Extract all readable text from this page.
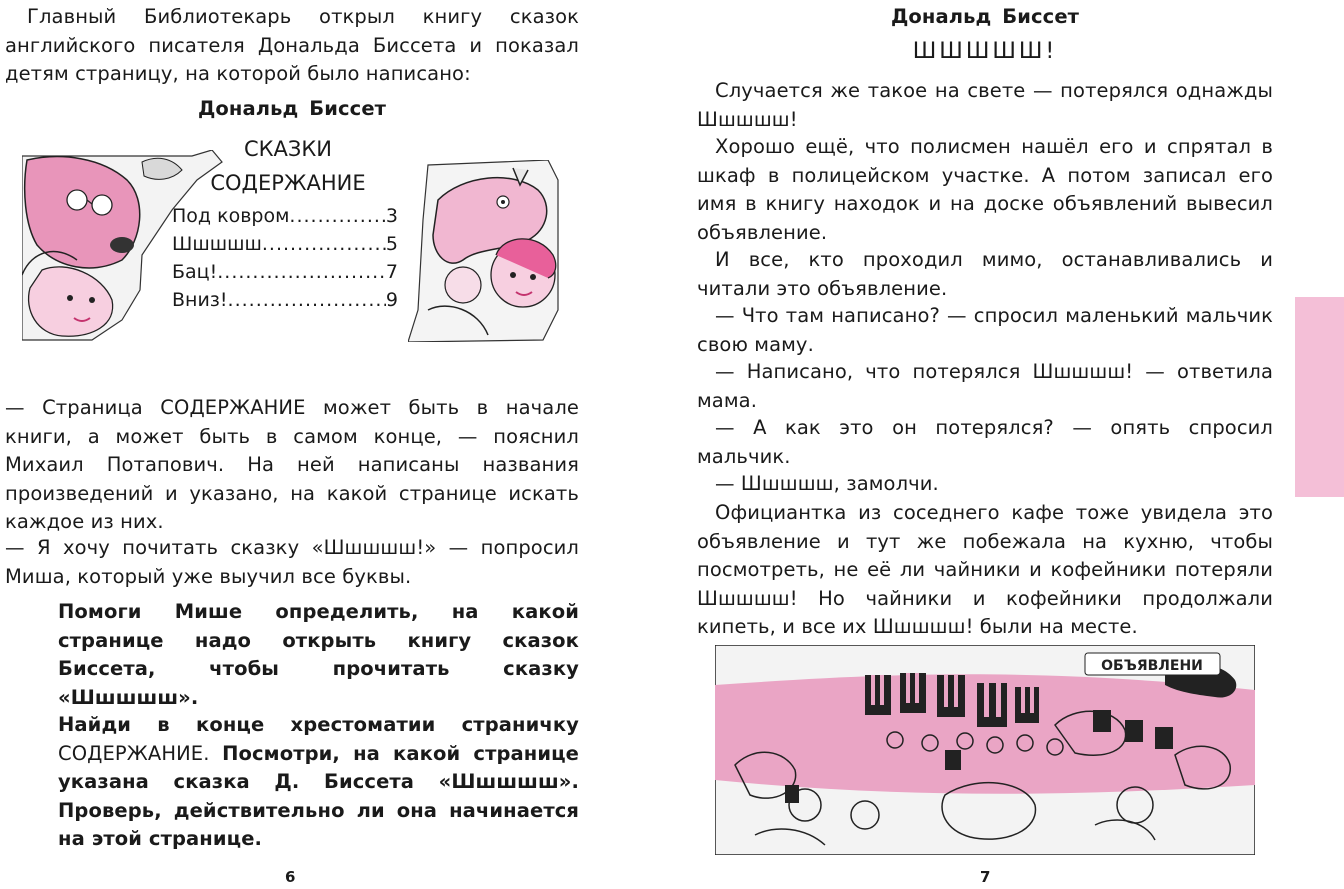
Главный Библиотекарь открыл книгу сказок английского писателя Дональда Биссета и показал детям страницу, на которой было написано:

Дональд Биссет

СКАЗКИ
СОДЕРЖАНИЕ
Под ковром .....	3
Шшшшш .....	5
Бац! .....	7
Вниз! .....	9

— Страница СОДЕРЖАНИЕ может быть в начале книги, а может быть в самом конце, — пояснил Михаил Потапович. На ней написаны названия произведений и указано, на какой странице искать каждое из них.

— Я хочу почитать сказку «Шшшшш!» — попросил Миша, который уже выучил все буквы.

Помоги Мише определить, на какой странице надо открыть книгу сказок Биссета, чтобы прочитать сказку «Шшшшш».

Найди в конце хрестоматии страничку СОДЕРЖАНИЕ. Посмотри, на какой странице указана сказка Д. Биссета «Шшшшш». Проверь, действительно ли она начинается на этой странице.

6

Дональд Биссет

ШШШШШ!

Случается же такое на свете — потерялся однажды Шшшшш!

Хорошо ещё, что полисмен нашёл его и спрятал в шкаф в полицейском участке. А потом записал его имя в книгу находок и на доске объявлений вывесил объявление.

И все, кто проходил мимо, останавливались и читали это объявление.

— Что там написано? — спросил маленький мальчик свою маму.

— Написано, что потерялся Шшшшш! — ответила мама.

— А как это он потерялся? — опять спросил мальчик.

— Шшшшш, замолчи.

Официантка из соседнего кафе тоже увидела это объявление и тут же побежала на кухню, чтобы посмотреть, не её ли чайники и кофейники потеряли Шшшшш! Но чайники и кофейники продолжали кипеть, и все их Шшшшш! были на месте.

ОБЪЯВЛЕНИ
7
